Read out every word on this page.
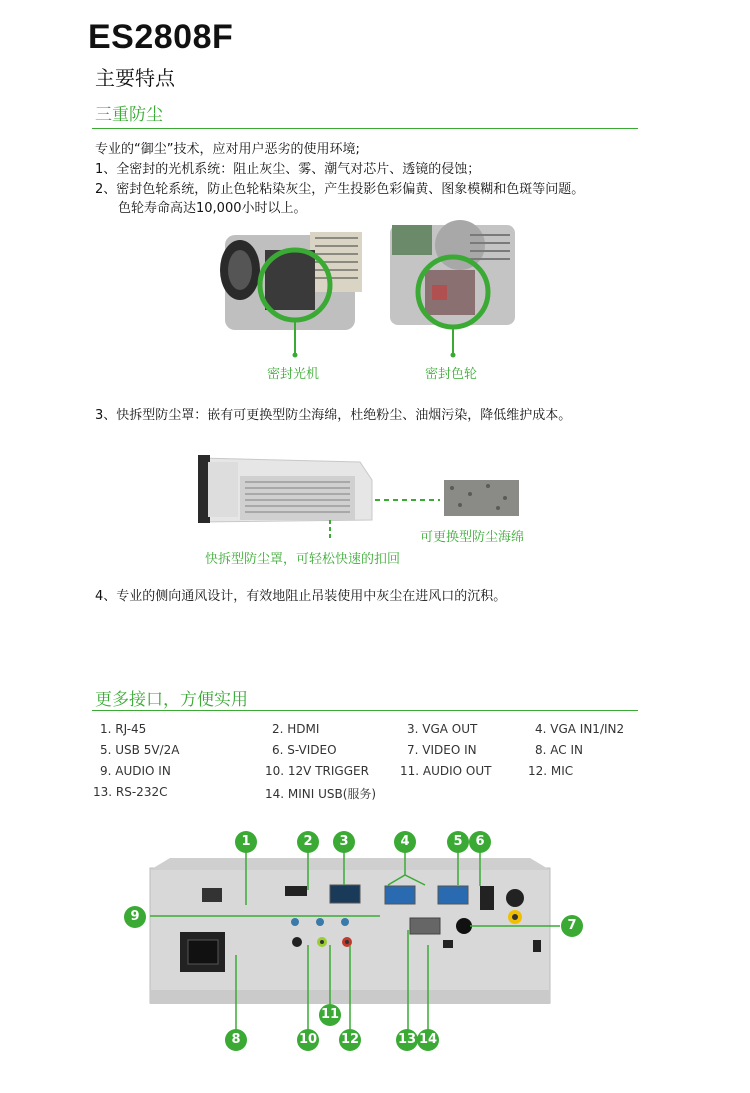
ES2808F
主要特点
三重防尘
专业的“御尘”技术，应对用户恶劣的使用环境;
1、全密封的光机系统：阻止灰尘、雾、潮气对芯片、透镜的侵蚀；
2、密封色轮系统，防止色轮粘染灰尘，产生投影色彩偏黄、图象模糊和色斑等问题。
色轮寿命高达10,000小时以上。
密封光机	密封色轮
3、快拆型防尘罩：嵌有可更换型防尘海绵，杜绝粉尘、油烟污染，降低维护成本。
可更换型防尘海绵
快拆型防尘罩，可轻松快速的扣回
4、专业的侧向通风设计，有效地阻止吊装使用中灰尘在进风口的沉积。
更多接口，方便实用
1. RJ-45	2. HDMI	3. VGA OUT	4. VGA IN1/IN2
5. USB 5V/2A	6. S-VIDEO	7. VIDEO IN	8. AC IN
9. AUDIO IN	10. 12V TRIGGER	11. AUDIO OUT	12. MIC
13. RS-232C	14. MINI USB(服务)
1	2	3	4	5 6
7
8
9
10
11
12	13 14
